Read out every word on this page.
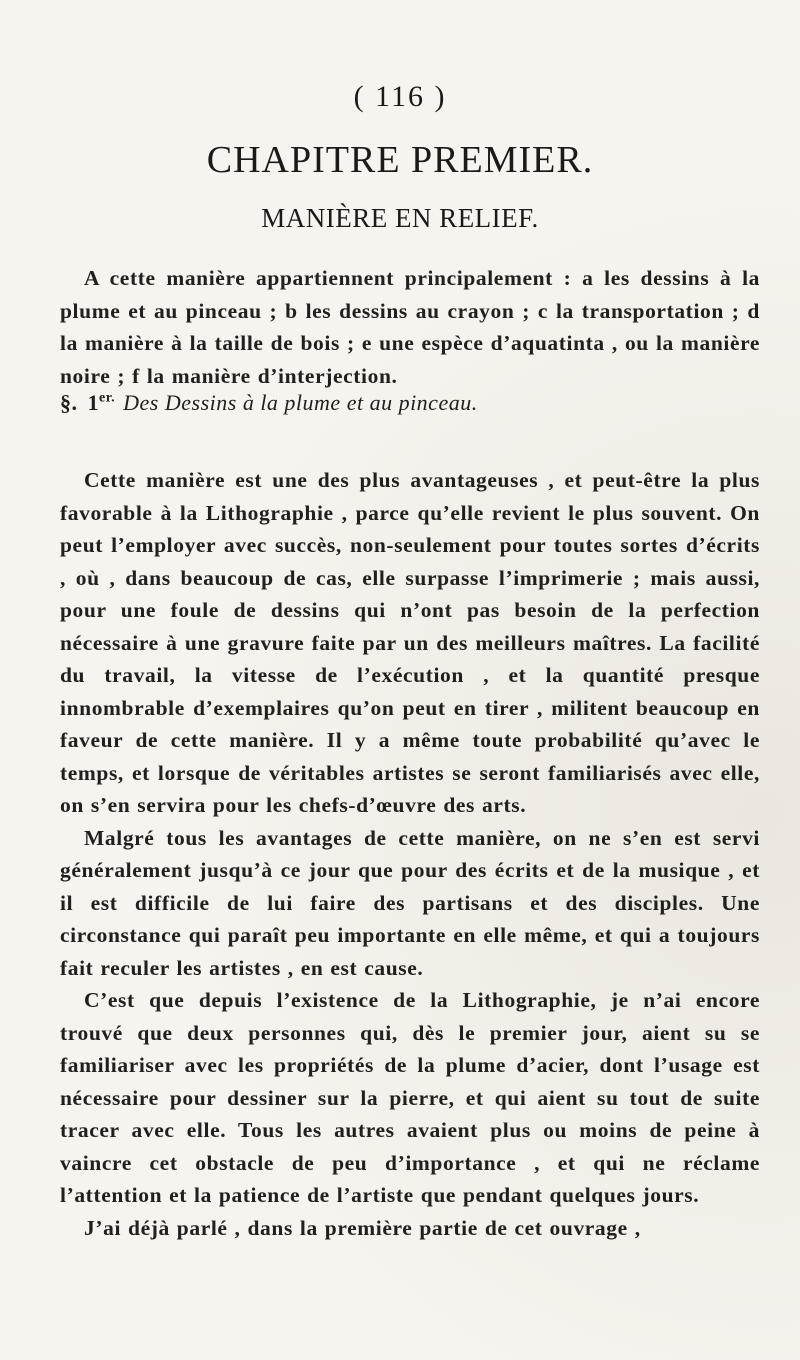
( 116 )
CHAPITRE PREMIER.
MANIÈRE EN RELIEF.

A cette manière appartiennent principalement : a les dessins à la plume et au pinceau ; b les dessins au crayon ; c la transportation ; d la manière à la taille de bois ; e une espèce d’aquatinta , ou la manière noire ; f la manière d’interjection.

§. $1^{er.}$ Des Dessins à la plume et au pinceau.

Cette manière est une des plus avantageuses , et peut-être la plus favorable à la Lithographie , parce qu’elle revient le plus souvent. On peut l’employer avec succès, non-seulement pour toutes sortes d’écrits , où , dans beaucoup de cas, elle surpasse l’imprimerie ; mais aussi, pour une foule de dessins qui n’ont pas besoin de la perfection nécessaire à une gravure faite par un des meilleurs maîtres. La facilité du travail, la vitesse de l’exécution , et la quantité presque innombrable d’exemplaires qu’on peut en tirer , militent beaucoup en faveur de cette manière. Il y a même toute probabilité qu’avec le temps, et lorsque de véritables artistes se seront familiarisés avec elle, on s’en servira pour les chefs-d’œuvre des arts.

Malgré tous les avantages de cette manière, on ne s’en est servi généralement jusqu’à ce jour que pour des écrits et de la musique , et il est difficile de lui faire des partisans et des disciples. Une circonstance qui paraît peu importante en elle même, et qui a toujours fait reculer les artistes , en est cause.

C’est que depuis l’existence de la Lithographie, je n’ai encore trouvé que deux personnes qui, dès le premier jour, aient su se familiariser avec les propriétés de la plume d’acier, dont l’usage est nécessaire pour dessiner sur la pierre, et qui aient su tout de suite tracer avec elle. Tous les autres avaient plus ou moins de peine à vaincre cet obstacle de peu d’importance , et qui ne réclame l’attention et la patience de l’artiste que pendant quelques jours.

J’ai déjà parlé , dans la première partie de cet ouvrage ,
